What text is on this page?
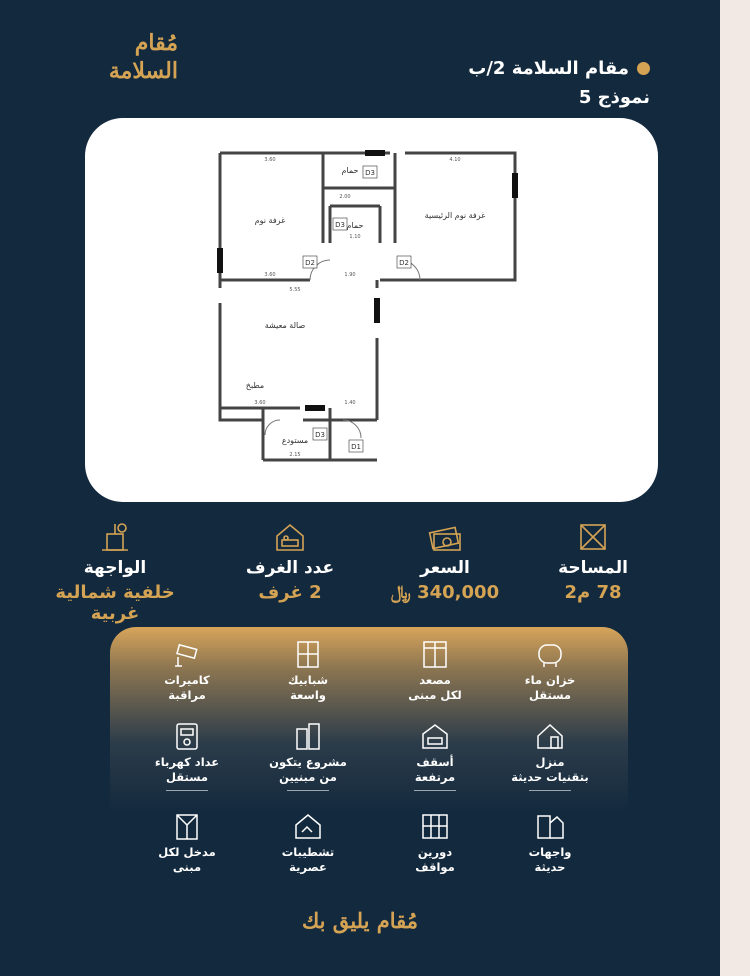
مُقام
السلامة	مقام السلامة 2/ب
نموذج 5
غرفة نوم
حمام
حمام
غرفة نوم الرئيسية
صالة معيشة
مطبخ
مستودع
D3
D3
D2	D2
D3
D1
3.60	4.10
2.00
1.10
3.60
5.55
1.90
3.60	1.40
2.15
الواجهة
خلفية شمالية غربية
عدد الغرف
2 غرف
السعر
340,000 ﷼
المساحة
78 م2
خزان ماء
مستقل
مصعد
لكل مبنى
شبابيك
واسعة
كاميرات
مراقبة
منزل
بتقنيات حديثة
أسقف
مرتفعة
مشروع يتكون
من مبنيين
عداد كهرباء
مستقل
واجهات
حديثة
دورين
مواقف
تشطيبات
عصرية
مدخل لكل
مبنى
مُقام يليق بك
